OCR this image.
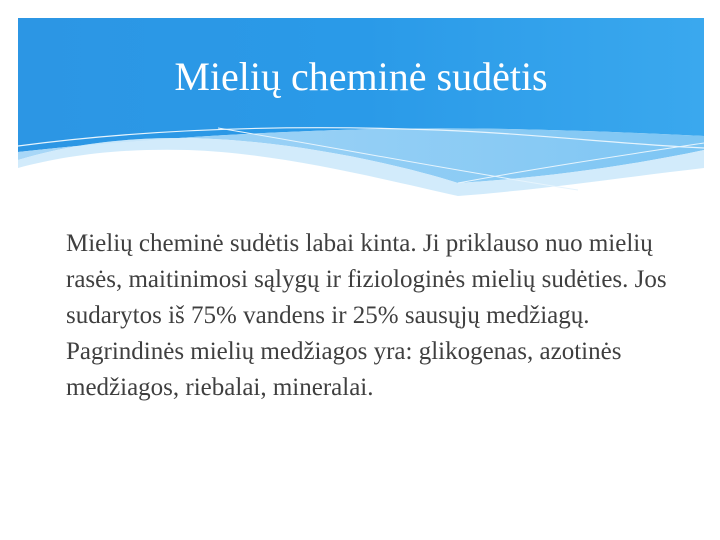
Mielių cheminė sudėtis

Mielių cheminė sudėtis labai kinta. Ji priklauso nuo mielių rasės, maitinimosi sąlygų ir fiziologinės mielių sudėties. Jos sudarytos iš 75% vandens ir 25% sausųjų medžiagų. Pagrindinės mielių medžiagos yra: glikogenas, azotinės medžiagos, riebalai, mineralai.
